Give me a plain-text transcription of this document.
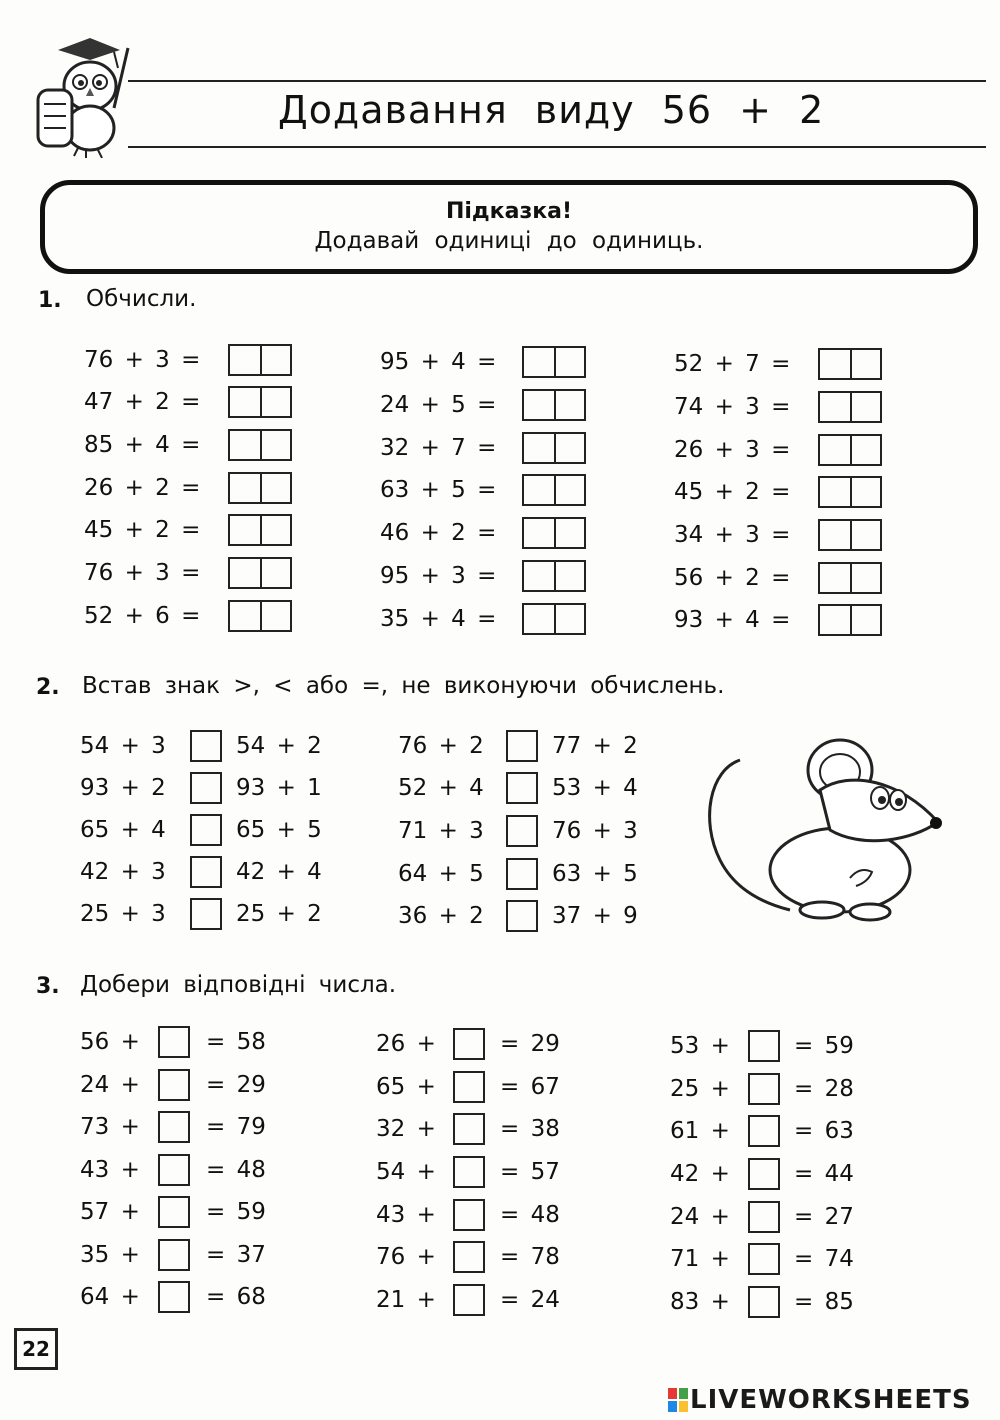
Додавання виду 56 + 2
Підказка!
Додавай одиниці до одиниць.
1. Обчисли.
76 + 3 =
47 + 2 =
85 + 4 =
26 + 2 =
45 + 2 =
76 + 3 =
52 + 6 =
95 + 4 =
24 + 5 =
32 + 7 =
63 + 5 =
46 + 2 =
95 + 3 =
35 + 4 =
52 + 7 =
74 + 3 =
26 + 3 =
45 + 2 =
34 + 3 =
56 + 2 =
93 + 4 =
2. Встав знак >, < або =, не виконуючи обчислень.
54 + 3	54 + 2
93 + 2	93 + 1
65 + 4	65 + 5
42 + 3	42 + 4
25 + 3	25 + 2
76 + 2	77 + 2
52 + 4	53 + 4
71 + 3	76 + 3
64 + 5	63 + 5
36 + 2	37 + 9
3. Добери відповідні числа.
56 +	= 58
24 +	= 29
73 +	= 79
43 +	= 48
57 +	= 59
35 +	= 37
64 +	= 68
26 +	= 29
65 +	= 67
32 +	= 38
54 +	= 57
43 +	= 48
76 +	= 78
21 +	= 24
53 +	= 59
25 +	= 28
61 +	= 63
42 +	= 44
24 +	= 27
71 +	= 74
83 +	= 85
22
LIVEWORKSHEETS
